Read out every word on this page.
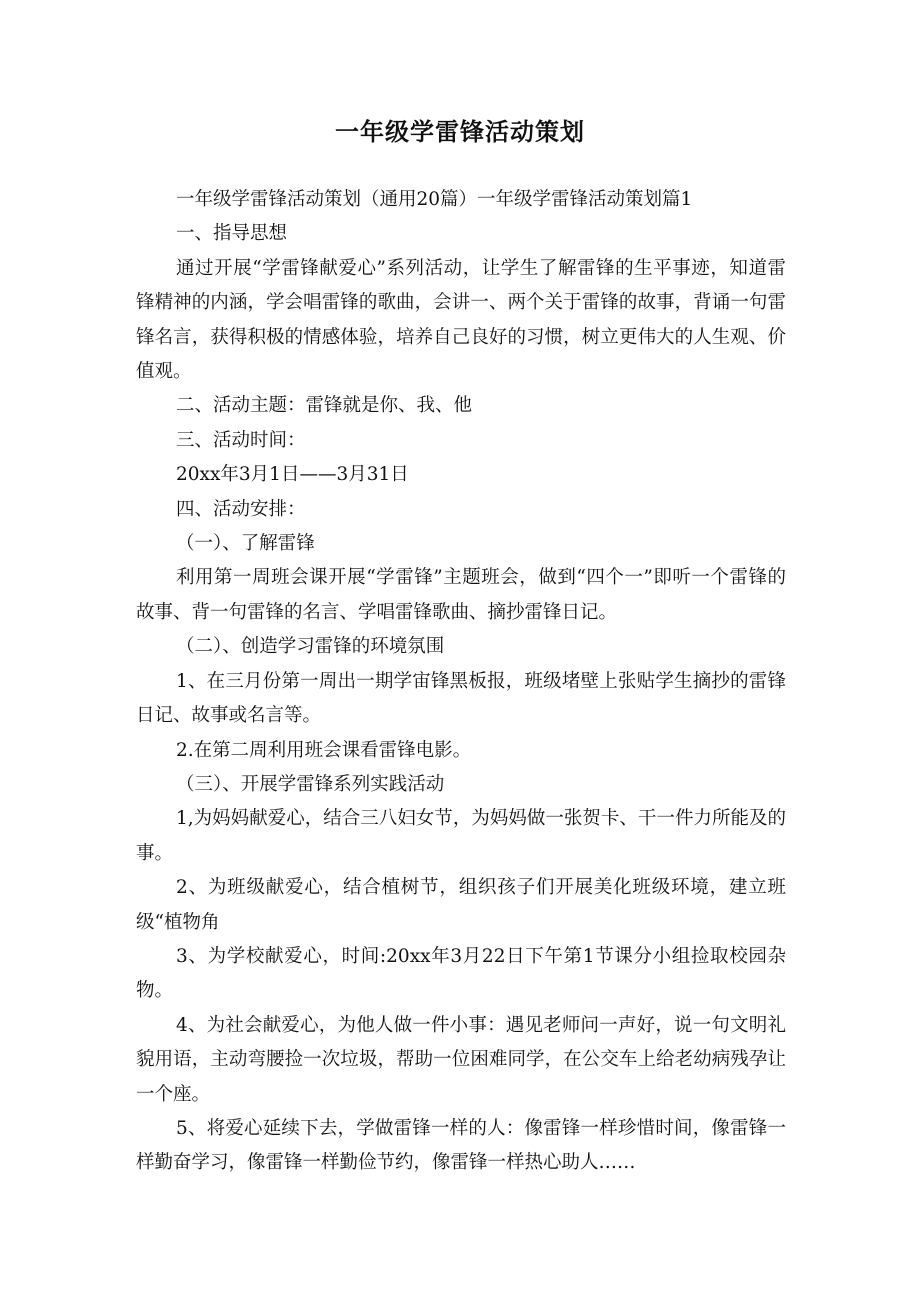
一年级学雷锋活动策划

一年级学雷锋活动策划（通用20篇）一年级学雷锋活动策划篇1

一、指导思想

通过开展“学雷锋献爱心”系列活动，让学生了解雷锋的生平事迹，知道雷锋精神的内涵，学会唱雷锋的歌曲，会讲一、两个关于雷锋的故事，背诵一句雷锋名言，获得积极的情感体验，培养自己良好的习惯，树立更伟大的人生观、价值观。

二、活动主题：雷锋就是你、我、他

三、活动时间：

20xx年3月1日——3月31日

四、活动安排：

（一）、了解雷锋

利用第一周班会课开展“学雷锋”主题班会，做到“四个一”即听一个雷锋的故事、背一句雷锋的名言、学唱雷锋歌曲、摘抄雷锋日记。

（二）、创造学习雷锋的环境氛围

1、在三月份第一周出一期学宙锋黑板报，班级堵壁上张贴学生摘抄的雷锋日记、故事或名言等。

2.在第二周利用班会课看雷锋电影。

（三）、开展学雷锋系列实践活动

1,为妈妈献爱心，结合三八妇女节，为妈妈做一张贺卡、干一件力所能及的事。

2、为班级献爱心，结合植树节，组织孩子们开展美化班级环境，建立班级“植物角

3、为学校献爱心，时间:20xx年3月22日下午第1节课分小组捡取校园杂物。

4、为社会献爱心，为他人做一件小事：遇见老师问一声好，说一句文明礼貌用语，主动弯腰捡一次垃圾，帮助一位困难同学，在公交车上给老幼病残孕让一个座。

5、将爱心延续下去，学做雷锋一样的人：像雷锋一样珍惜时间，像雷锋一样勤奋学习，像雷锋一样勤俭节约，像雷锋一样热心助人……
